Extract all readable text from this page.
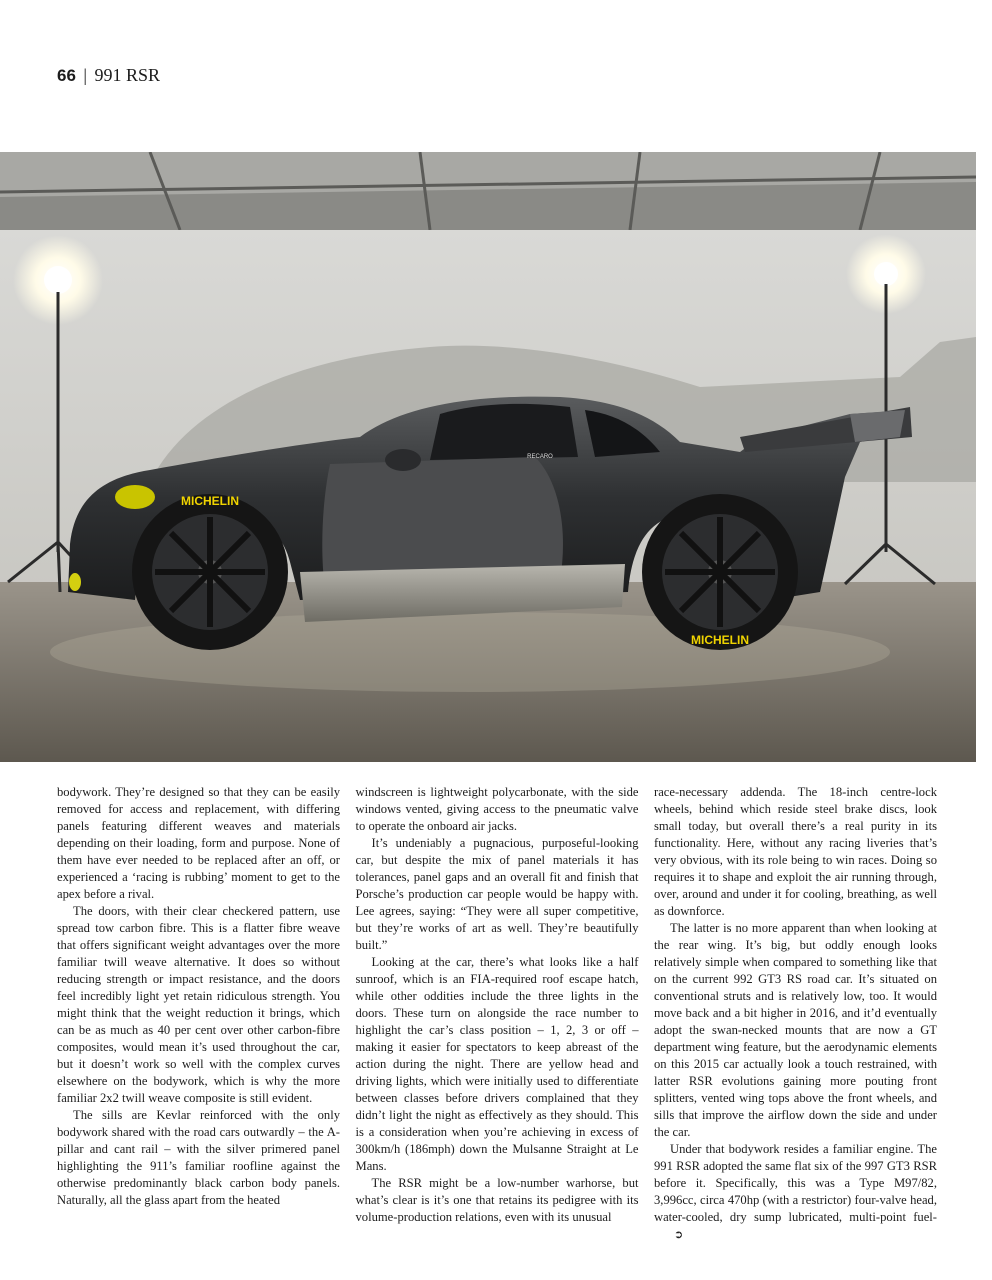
66 | 991 RSR
MICHELIN
MICHELIN
RECARO

bodywork. They’re designed so that they can be easily removed for access and replacement, with differing panels featuring different weaves and materials depending on their loading, form and purpose. None of them have ever needed to be replaced after an off, or experienced a ‘racing is rubbing’ moment to get to the apex before a rival.

The doors, with their clear checkered pattern, use spread tow carbon fibre. This is a flatter fibre weave that offers significant weight advantages over the more familiar twill weave alternative. It does so without reducing strength or impact resistance, and the doors feel incredibly light yet retain ridiculous strength. You might think that the weight reduction it brings, which can be as much as 40 per cent over other carbon-fibre composites, would mean it’s used throughout the car, but it doesn’t work so well with the complex curves elsewhere on the bodywork, which is why the more familiar 2x2 twill weave composite is still evident.

The sills are Kevlar reinforced with the only bodywork shared with the road cars outwardly – the A-pillar and cant rail – with the silver primered panel highlighting the 911’s familiar roofline against the otherwise predominantly black carbon body panels. Naturally, all the glass apart from the heated

windscreen is lightweight polycarbonate, with the side windows vented, giving access to the pneumatic valve to operate the onboard air jacks.

It’s undeniably a pugnacious, purposeful-looking car, but despite the mix of panel materials it has tolerances, panel gaps and an overall fit and finish that Porsche’s production car people would be happy with. Lee agrees, saying: “They were all super competitive, but they’re works of art as well. They’re beautifully built.”

Looking at the car, there’s what looks like a half sunroof, which is an FIA-required roof escape hatch, while other oddities include the three lights in the doors. These turn on alongside the race number to highlight the car’s class position – 1, 2, 3 or off – making it easier for spectators to keep abreast of the action during the night. There are yellow head and driving lights, which were initially used to differentiate between classes before drivers complained that they didn’t light the night as effectively as they should. This is a consideration when you’re achieving in excess of 300km/h (186mph) down the Mulsanne Straight at Le Mans.

The RSR might be a low-number warhorse, but what’s clear is it’s one that retains its pedigree with its volume-production relations, even with its unusual

race-necessary addenda. The 18-inch centre-lock wheels, behind which reside steel brake discs, look small today, but overall there’s a real purity in its functionality. Here, without any racing liveries that’s very obvious, with its role being to win races. Doing so requires it to shape and exploit the air running through, over, around and under it for cooling, breathing, as well as downforce.

The latter is no more apparent than when looking at the rear wing. It’s big, but oddly enough looks relatively simple when compared to something like that on the current 992 GT3 RS road car. It’s situated on conventional struts and is relatively low, too. It would move back and a bit higher in 2016, and it’d eventually adopt the swan-necked mounts that are now a GT department wing feature, but the aerodynamic elements on this 2015 car actually look a touch restrained, with latter RSR evolutions gaining more pouting front splitters, vented wing tops above the front wheels, and sills that improve the airflow down the side and under the car.

Under that bodywork resides a familiar engine. The 991 RSR adopted the same flat six of the 997 GT3 RSR before it. Specifically, this was a Type M97/82, 3,996cc, circa 470hp (with a restrictor) four-valve head, water-cooled, dry sump lubricated, multi-point fuel-➲
